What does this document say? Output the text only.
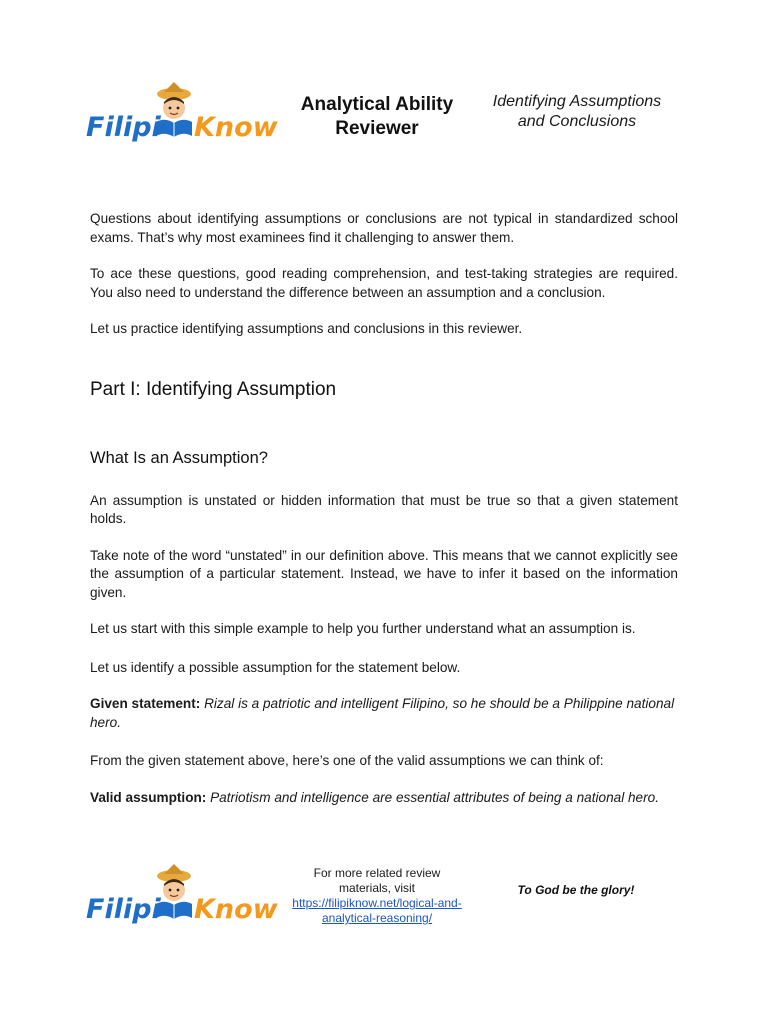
Filipi Know
Analytical Ability
Reviewer
Identifying Assumptions
and Conclusions

Questions about identifying assumptions or conclusions are not typical in standardized school exams. That’s why most examinees find it challenging to answer them.

To ace these questions, good reading comprehension, and test-taking strategies are required. You also need to understand the difference between an assumption and a conclusion.

Let us practice identifying assumptions and conclusions in this reviewer.

Part I: Identifying Assumption
What Is an Assumption?

An assumption is unstated or hidden information that must be true so that a given statement holds.

Take note of the word “unstated” in our definition above. This means that we cannot explicitly see the assumption of a particular statement. Instead, we have to infer it based on the information given.

Let us start with this simple example to help you further understand what an assumption is.

Let us identify a possible assumption for the statement below.

Given statement: Rizal is a patriotic and intelligent Filipino, so he should be a Philippine national hero.

From the given statement above, here’s one of the valid assumptions we can think of:

Valid assumption: Patriotism and intelligence are essential attributes of being a national hero.

Filipi Know
For more related review
materials, visit
https://filipiknow.net/logical-and-analytical-reasoning/
To God be the glory!
